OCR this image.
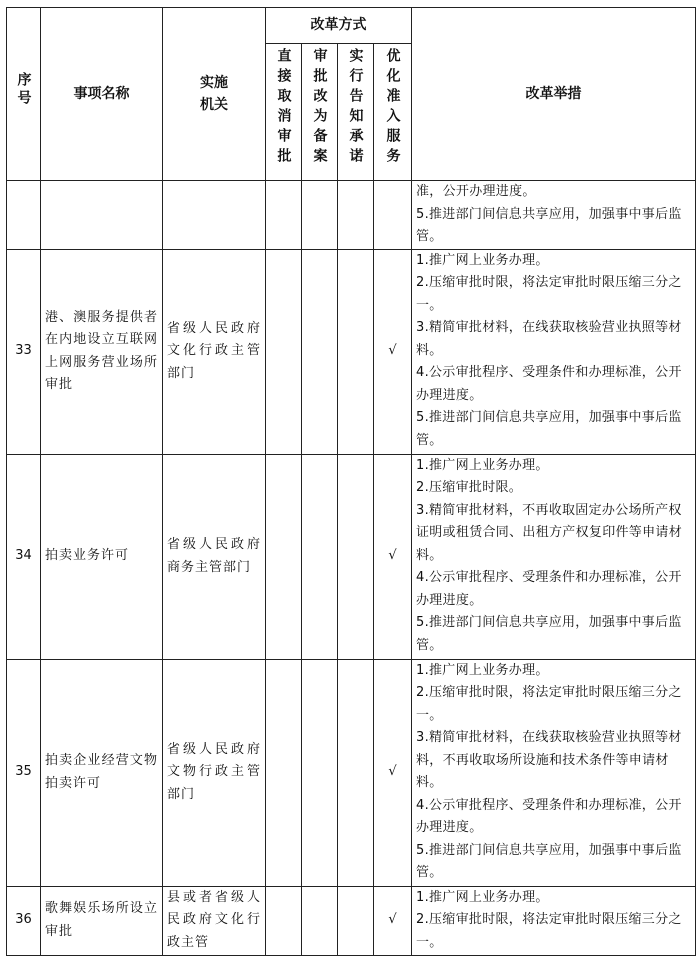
序号	事项名称	实施机关	改革方式				改革举措
			直接取消审批	审批改为备案	实行告知承诺	优化准入服务	

							准，公开办理进度。
5.推进部门间信息共享应用，加强事中事后监管。

33	港、澳服务提供者在内地设立互联网上网服务营业场所审批	省级人民政府文化行政主管部门				√	1.推广网上业务办理。
2.压缩审批时限，将法定审批时限压缩三分之一。
3.精简审批材料，在线获取核验营业执照等材料。
4.公示审批程序、受理条件和办理标准，公开办理进度。
5.推进部门间信息共享应用，加强事中事后监管。

34	拍卖业务许可	省级人民政府商务主管部门				√	1.推广网上业务办理。
2.压缩审批时限。
3.精简审批材料，不再收取固定办公场所产权证明或租赁合同、出租方产权复印件等申请材料。
4.公示审批程序、受理条件和办理标准，公开办理进度。
5.推进部门间信息共享应用，加强事中事后监管。

35	拍卖企业经营文物拍卖许可	省级人民政府文物行政主管部门				√	1.推广网上业务办理。
2.压缩审批时限，将法定审批时限压缩三分之一。
3.精简审批材料，在线获取核验营业执照等材料，不再收取场所设施和技术条件等申请材料。
4.公示审批程序、受理条件和办理标准，公开办理进度。
5.推进部门间信息共享应用，加强事中事后监管。

36	歌舞娱乐场所设立审批	县或者省级人民政府文化行政主管				√	1.推广网上业务办理。
2.压缩审批时限，将法定审批时限压缩三分之一。
